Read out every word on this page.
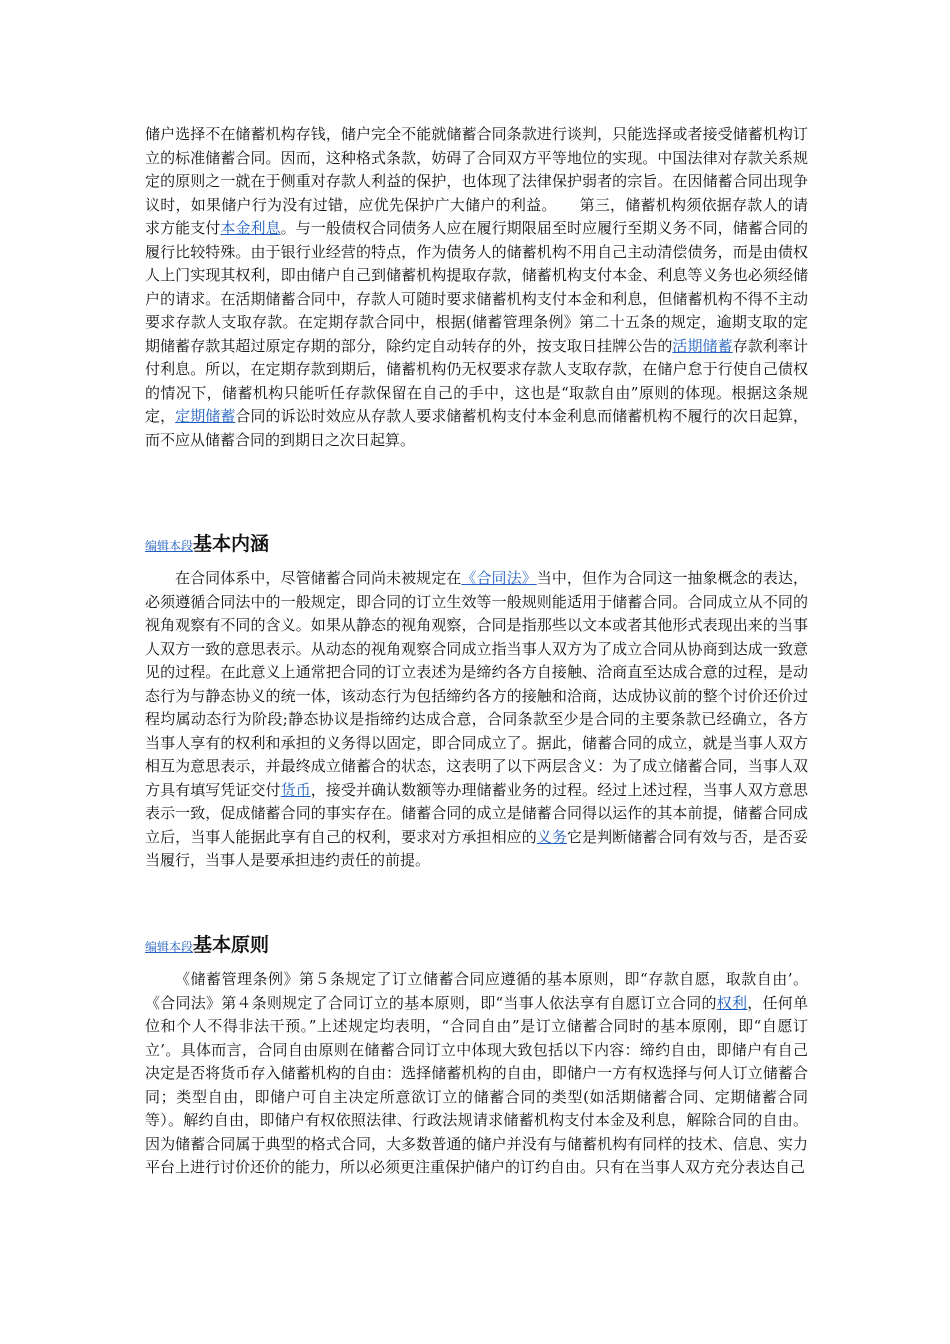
储户选择不在储蓄机构存钱，储户完全不能就储蓄合同条款进行谈判，只能选择或者接受储蓄机构订立的标准储蓄合同。因而，这种格式条款，妨碍了合同双方平等地位的实现。中国法律对存款关系规定的原则之一就在于侧重对存款人利益的保护，也体现了法律保护弱者的宗旨。在因储蓄合同出现争议时，如果储户行为没有过错，应优先保护广大储户的利益。　　第三，储蓄机构须依据存款人的请求方能支付本金利息。与一般债权合同债务人应在履行期限届至时应履行至期义务不同，储蓄合同的履行比较特殊。由于银行业经营的特点，作为债务人的储蓄机构不用自己主动清偿债务，而是由债权人上门实现其权利，即由储户自己到储蓄机构提取存款，储蓄机构支付本金、利息等义务也必须经储户的请求。在活期储蓄合同中，存款人可随时要求储蓄机构支付本金和利息，但储蓄机构不得不主动要求存款人支取存款。在定期存款合同中，根据(储蓄管理条例》第二十五条的规定，逾期支取的定期储蓄存款其超过原定存期的部分，除约定自动转存的外，按支取日挂牌公告的活期储蓄存款利率计付利息。所以，在定期存款到期后，储蓄机构仍无权要求存款人支取存款，在储户怠于行使自己债权的情况下，储蓄机构只能听任存款保留在自己的手中，这也是“取款自由”原则的体现。根据这条规定，定期储蓄合同的诉讼时效应从存款人要求储蓄机构支付本金利息而储蓄机构不履行的次日起算，而不应从储蓄合同的到期日之次日起算。

编辑本段基本内涵

在合同体系中，尽管储蓄合同尚未被规定在《合同法》当中，但作为合同这一抽象概念的表达，必须遵循合同法中的一般规定，即合同的订立生效等一般规则能适用于储蓄合同。合同成立从不同的视角观察有不同的含义。如果从静态的视角观察，合同是指那些以文本或者其他形式表现出来的当事人双方一致的意思表示。从动态的视角观察合同成立指当事人双方为了成立合同从协商到达成一致意见的过程。在此意义上通常把合同的订立表述为是缔约各方自接触、洽商直至达成合意的过程，是动态行为与静态协义的统一体，该动态行为包括缔约各方的接触和洽商，达成协议前的整个讨价还价过程均属动态行为阶段;静态协议是指缔约达成合意，合同条款至少是合同的主要条款已经确立，各方当事人享有的权利和承担的义务得以固定，即合同成立了。据此，储蓄合同的成立，就是当事人双方相互为意思表示，并最终成立储蓄合的状态，这表明了以下两层含义：为了成立储蓄合同，当事人双方具有填写凭证交付货币，接受并确认数额等办理储蓄业务的过程。经过上述过程，当事人双方意思表示一致，促成储蓄合同的事实存在。储蓄合同的成立是储蓄合同得以运作的其本前提，储蓄合同成立后，当事人能据此享有自己的权利，要求对方承担相应的义务它是判断储蓄合同有效与否，是否妥当履行，当事人是要承担违约责任的前提。

编辑本段基本原则

《储蓄管理条例》第５条规定了订立储蓄合同应遵循的基本原则，即“存款自愿，取款自由’。《合同法》第４条则规定了合同订立的基本原则，即“当事人依法享有自愿订立合同的权利，任何单位和个人不得非法干预。”上述规定均表明，“合同自由”是订立储蓄合同时的基本原刚，即“自愿订立’。具体而言，合同自由原则在储蓄合同订立中体现大致包括以下内容：缔约自由，即储户有自己决定是否将货币存入储蓄机构的自由：选择储蓄机构的自由，即储户一方有权选择与何人订立储蓄合同；类型自由，即储户可自主决定所意欲订立的储蓄合同的类型(如活期储蓄合同、定期储蓄合同等）。解约自由，即储户有权依照法律、行政法规请求储蓄机构支付本金及利息，解除合同的自由。因为储蓄合同属于典型的格式合同，大多数普通的储户并没有与储蓄机构有同样的技术、信息、实力平台上进行讨价还价的能力，所以必须更注重保护储户的订约自由。只有在当事人双方充分表达自己
